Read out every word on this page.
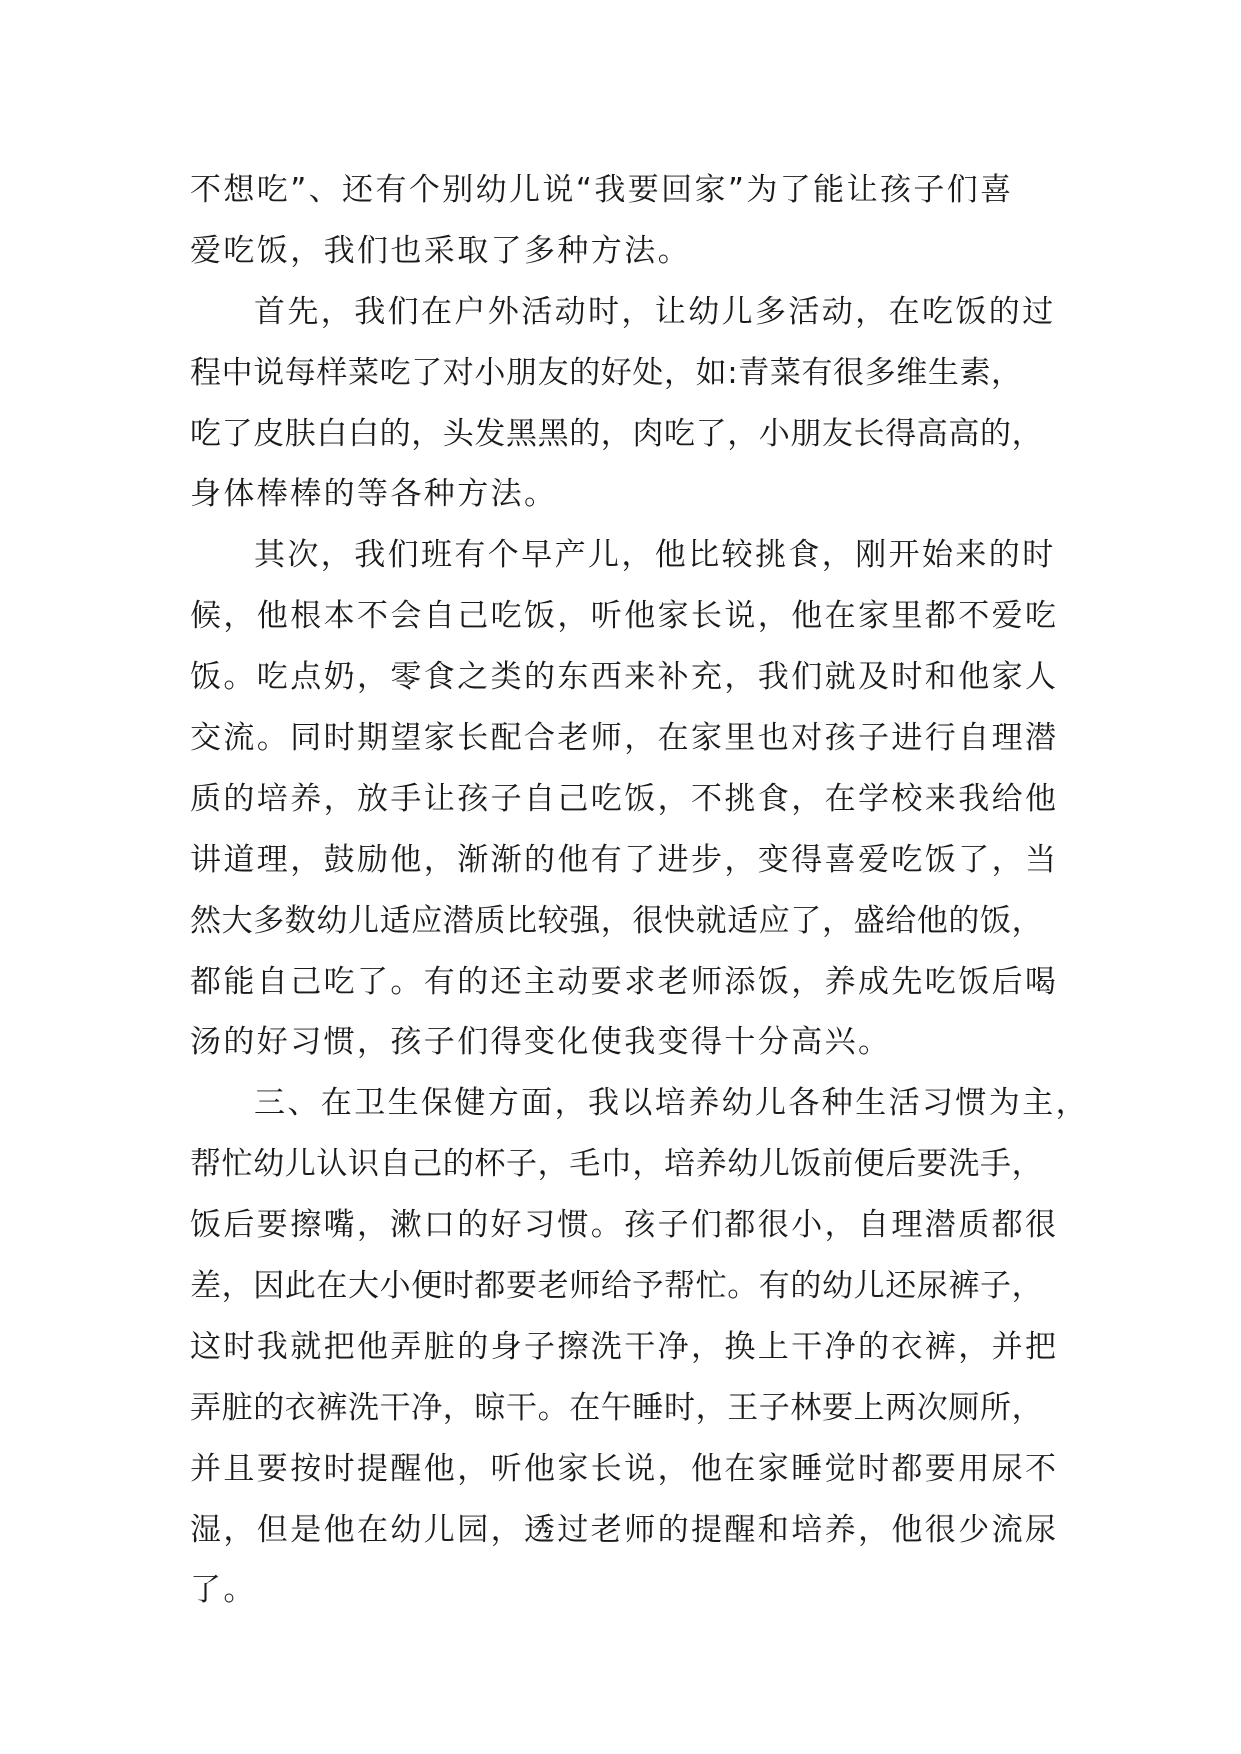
不想吃”、还有个别幼儿说“我要回家”为了能让孩子们喜
爱吃饭，我们也采取了多种方法。
首先，我们在户外活动时，让幼儿多活动，在吃饭的过
程中说每样菜吃了对小朋友的好处，如:青菜有很多维生素，
吃了皮肤白白的，头发黑黑的，肉吃了，小朋友长得高高的，
身体棒棒的等各种方法。
其次，我们班有个早产儿，他比较挑食，刚开始来的时
候，他根本不会自己吃饭，听他家长说，他在家里都不爱吃
饭。吃点奶，零食之类的东西来补充，我们就及时和他家人
交流。同时期望家长配合老师，在家里也对孩子进行自理潜
质的培养，放手让孩子自己吃饭，不挑食，在学校来我给他
讲道理，鼓励他，渐渐的他有了进步，变得喜爱吃饭了，当
然大多数幼儿适应潜质比较强，很快就适应了，盛给他的饭，
都能自己吃了。有的还主动要求老师添饭，养成先吃饭后喝
汤的好习惯，孩子们得变化使我变得十分高兴。
三、在卫生保健方面，我以培养幼儿各种生活习惯为主，
帮忙幼儿认识自己的杯子，毛巾，培养幼儿饭前便后要洗手，
饭后要擦嘴，漱口的好习惯。孩子们都很小，自理潜质都很
差，因此在大小便时都要老师给予帮忙。有的幼儿还尿裤子，
这时我就把他弄脏的身子擦洗干净，换上干净的衣裤，并把
弄脏的衣裤洗干净，晾干。在午睡时，王子林要上两次厕所，
并且要按时提醒他，听他家长说，他在家睡觉时都要用尿不
湿，但是他在幼儿园，透过老师的提醒和培养，他很少流尿
了。
